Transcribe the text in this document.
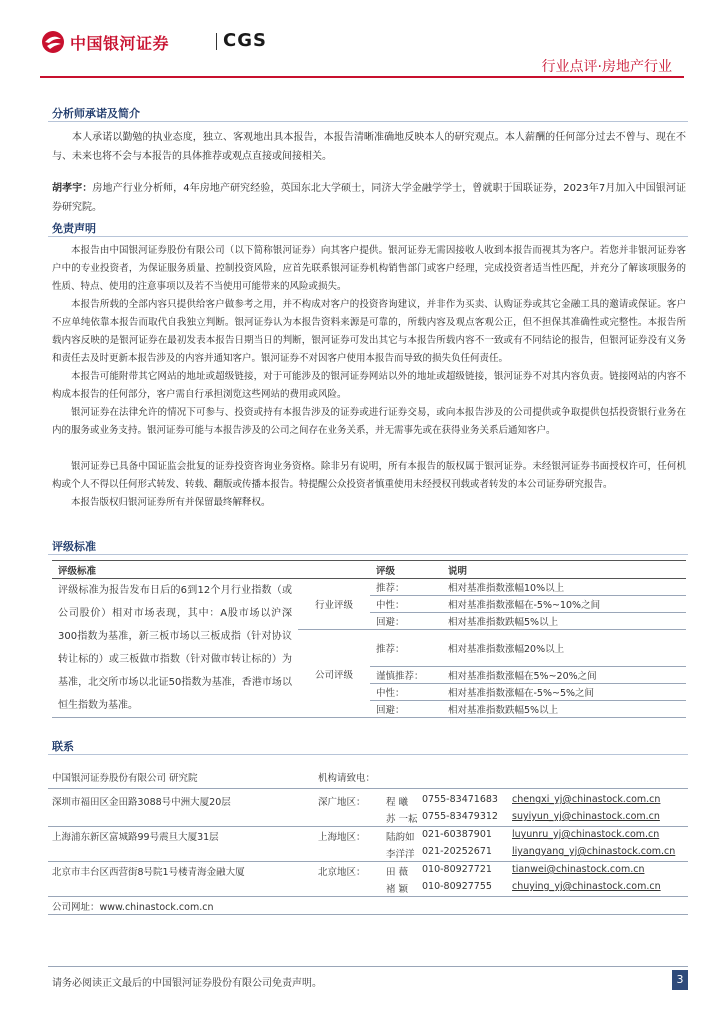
中国银河证券	CGS
行业点评·房地产行业
分析师承诺及简介
本人承诺以勤勉的执业态度，独立、客观地出具本报告，本报告清晰准确地反映本人的研究观点。本人薪酬的任何部分过去不曾与、现在不与、未来也将不会与本报告的具体推荐或观点直接或间接相关。
胡孝宇：房地产行业分析师，4年房地产研究经验，英国东北大学硕士，同济大学金融学学士，曾就职于国联证券，2023年7月加入中国银河证券研究院。
免责声明
本报告由中国银河证券股份有限公司（以下简称银河证券）向其客户提供。银河证券无需因接收人收到本报告而视其为客户。若您并非银河证券客户中的专业投资者，为保证服务质量、控制投资风险，应首先联系银河证券机构销售部门或客户经理，完成投资者适当性匹配，并充分了解该项服务的性质、特点、使用的注意事项以及若不当使用可能带来的风险或损失。
本报告所载的全部内容只提供给客户做参考之用，并不构成对客户的投资咨询建议，并非作为买卖、认购证券或其它金融工具的邀请或保证。客户不应单纯依靠本报告而取代自我独立判断。银河证券认为本报告资料来源是可靠的，所载内容及观点客观公正，但不担保其准确性或完整性。本报告所载内容反映的是银河证券在最初发表本报告日期当日的判断，银河证券可发出其它与本报告所载内容不一致或有不同结论的报告，但银河证券没有义务和责任去及时更新本报告涉及的内容并通知客户。银河证券不对因客户使用本报告而导致的损失负任何责任。
本报告可能附带其它网站的地址或超级链接，对于可能涉及的银河证券网站以外的地址或超级链接，银河证券不对其内容负责。链接网站的内容不构成本报告的任何部分，客户需自行承担浏览这些网站的费用或风险。
银河证券在法律允许的情况下可参与、投资或持有本报告涉及的证券或进行证券交易，或向本报告涉及的公司提供或争取提供包括投资银行业务在内的服务或业务支持。银河证券可能与本报告涉及的公司之间存在业务关系，并无需事先或在获得业务关系后通知客户。
银河证券已具备中国证监会批复的证券投资咨询业务资格。除非另有说明，所有本报告的版权属于银河证券。未经银河证券书面授权许可，任何机构或个人不得以任何形式转发、转载、翻版或传播本报告。特提醒公众投资者慎重使用未经授权刊载或者转发的本公司证券研究报告。
本报告版权归银河证券所有并保留最终解释权。
评级标准
评级标准		评级	说明
评级标准为报告发布日后的6到12个月行业指数（或公司股价）相对市场表现，其中：A股市场以沪深300指数为基准，新三板市场以三板成指（针对协议转让标的）或三板做市指数（针对做市转让标的）为基准，北交所市场以北证50指数为基准，香港市场以恒生指数为基准。	行业评级	推荐：	相对基准指数涨幅10%以上
		中性：	相对基准指数涨幅在-5%~10%之间
		回避：	相对基准指数跌幅5%以上
	公司评级	推荐：	相对基准指数涨幅20%以上
		谨慎推荐：	相对基准指数涨幅在5%~20%之间
		中性：	相对基准指数涨幅在-5%~5%之间
		回避：	相对基准指数跌幅5%以上
联系
中国银河证券股份有限公司 研究院	机构请致电：
深圳市福田区金田路3088号中洲大厦20层	深广地区： 程 曦 0755-83471683 chengxi_yj@chinastock.com.cn
苏 一耘 0755-83479312 suyiyun_yj@chinastock.com.cn
上海浦东新区富城路99号震旦大厦31层	上海地区： 陆韵如 021-60387901 luyunru_yj@chinastock.com.cn
李洋洋 021-20252671 liyangyang_yj@chinastock.com.cn
北京市丰台区西营街8号院1号楼青海金融大厦	北京地区： 田 薇 010-80927721 tianwei@chinastock.com.cn
褚 颖 010-80927755 chuying_yj@chinastock.com.cn
公司网址：www.chinastock.com.cn
请务必阅读正文最后的中国银河证券股份有限公司免责声明。	3
